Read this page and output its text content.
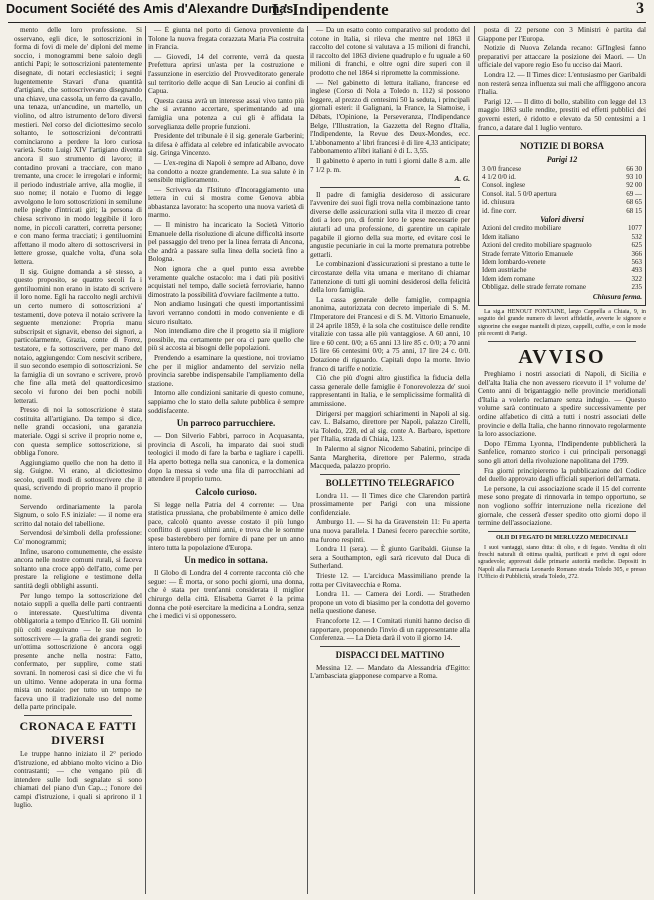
Document Société des Amis d'Alexandre Dumas
L' Indipendente	3

mento delle loro professione. Si osservano, egli dice, le sottoscrizioni in forma di fovi di mele de' diploni del meme soccio, i monogrammi bene saloio degli antichi Papi; le sottoscrizioni patentemente disegnate, di notari ecclesiastici; i segni lugentemente Stavari d'una quantità d'artigiani, che sottoscrivevano disegnando una chiave, una cassola, un ferro da cavallo, una tenaza, un'ancudine, un martello, un violino, od altro istrumento de'loro diversi mestieri. Nel corso del diciottesimo secolo soltanto, le sottoscrizioni de'contratti cominciarono a perdere la loro curiosa varietà. Sotto Luigi XIV l'artigiano diventa ancora il suo strumento di lavoro; il contadino provani a tracciare, con mano tremante, una croce: le irregolari e informi; il periodo industriale arrive, alla moglie, il suo nome; il notaio e l'uomo di legge avvolgono le loro sottoscrizioni in semilune nelle pieghe d'intricati giri; la persona di chiesa scrivono in modo leggibile il loro nome, in piccoli caratteri, corretta persone; e con mano ferma tracciati; i gentiluomini affettano il modo altero di sottoscriversi in lettere grosse, qualche volta, d'una sola lettera.

Il sig. Guigne domanda a sè stesso, a questo proposito, se quattro secoli fa i gentiluomini non erano in istato di scrivere il loro nome. Egli ha raccolto negli archivii un certo numero di sottoscrizioni a' testamenti, dove poteva il notaio scrivere la seguente menzione: Propria manu subscripsit et signavit, ebenso dei signori, a particolarmente, Grazia, conte di Forez, testatore, e fa sottoscrivere, per mano del notaio, aggiungendo: Com nescivit scribere, il suo secondo esempio di sottoscrizioni. Se la famiglia di un sovrano e scrivere, provò che fine alla metà del quattordicesimo secolo vi furono dei ben pochi nobili letterati.

Presso di noi la sottoscrizione è stata costituita all'artigiano. Da tempo si dice, nelle grandi occasioni, una garanzia materiale. Oggi si scrive il proprio nome e, con questa semplice sottoscrizione, si obbliga l'onore.

Aggiungiamo quello che non ha detto il sig. Guigne. Vi erano, al diciottesimo secolo, quelli modi di sottoscrivere che il quasi, scrivendo di proprio mano il proprio nome.

Servendo ordinariamente la parola Signum, o solo F.S iniziale: — il nome era scritto dal notaio del tabellione.

Servendosi de'simboli della professione: Co' monogrammi;

Infine, usarono comunemente, che essiste ancora nelle nostre comuni rurali, si faceva soltanto una croce appò dell'atto, come per prestare la religione e testimone della santità degli obblighi assunti.

Per lungo tempo la sottoscrizione del notaio supplì a quella delle parti contraenti o interessate. Quest'ultima diventa obbligatoria a tempo d'Enrico II. Gli uomini più colti eseguivano — le sue non lo sottoscrivere — la grafia dei grandi segreti: un'ottima sottoscrizione è ancora oggi presente anche nella nostra: Fatto, confermato, per supplire, come stati sovrani. In nomerosi casi si dice che vi fu un ultimo. Venne adoperata in una forma mista un notaio: per tutto un tempo ne faceva uno il tradizionale uso del nome della parte principale.

CRONACA E FATTI DIVERSI

Le truppe hanno iniziato il 2° periodo d'istruzione, ed abbiano molto vicino a Dio contrastanti; — che vengano più di intendere sulle lodi segnalate si sono chiamati del piano d'un Cap...; l'onore dei campi d'istruzione, i quali si aprirono il 1 luglio.

— È giunta nel porto di Genova proveniente da Tolone la nuova fregata corazzata Maria Pia costruita in Francia.

— Giovedì, 14 del corrente, verrà da questa Prefettura aprirsi un'asta per la costruzione e l'assunzione in esercizio del Provveditorato generale sul territorio delle acque di San Leucio ai confini di Capua.

Questa causa avrà un interesse assai vivo tanto più che si avranno accertare, sperimentando ad una famiglia una potenza a cui gli è affidata la sorveglianza delle proprie funzioni.

Presidente del tribunale è il sig. generale Garberini; la difesa è affidata al celebre ed infaticabile avvocato sig. Gringa Vincenzo.

— L'ex-regina di Napoli è sempre ad Albano, dove ha condotto a nozze grandemente. La sua salute è in sensibile miglioramento.

— Scriveva da l'Istituto d'Incoraggiamento una lettera in cui si mostra come Genova abbia abbastanza lavorato: ha scoperto una nuova varietà di marmo.

— Il ministro ha incaricato la Società Vittorio Emanuele della risoluzione di alcune difficoltà insorte pel passaggio del treno per la linea ferrata di Ancona, che andrà a passare sulla linea della società fino a Bologna.

Non ignora che a quel punto essa avrebbe veramente qualche ostacolo: ma i dati più positivi acquistati nel tempo, dalle società ferroviarie, hanno dimostrato la possibilità d'ovviare facilmente a tutto.

Non andiamo lusingati che questi importantissimi lavori verranno condotti in modo conveniente e di sicuro risultato.

Non intendiamo dire che il progetto sia il migliore possibile, ma certamente per ora ci pare quello che più si accosta ai bisogni delle popolazioni.

Prendendo a esaminare la questione, noi troviamo che per il miglior andamento del servizio nella provincia sarebbe indispensabile l'ampliamento della stazione.

Intorno alle condizioni sanitarie di questo comune, sappiamo che lo stato della salute pubblica è sempre soddisfacente.

Un parroco parrucchiere.

— Don Silverio Fabbri, parroco in Acquasanta, provincia di Ascoli, ha imparato dai suoi studi teologici il modo di fare la barba e tagliare i capelli. Ha aperto bottega nella sua canonica, e la domenica dopo la messa si vede una fila di parrocchiani ad attendere il proprio turno.

Calcolo curioso.

Si legge nella Patria del 4 corrente: — Una statistica prussiana, che probabilmente è amico delle pace, calcolò quanto avesse costato il più lungo conflitto di questi ultimi anni, e trova che le somme spese basterebbero per fornire di pane per un anno intero tutta la popolazione d'Europa.

Un medico in sottana.

Il Globo di Londra del 4 corrente racconta ciò che segue: — È morta, or sono pochi giorni, una donna, che è stata per trent'anni considerata il miglior chirurgo della città. Elisabetta Garret è la prima donna che potè esercitare la medicina a Londra, senza che i medici vi si opponessero.

— Da un esatto conto comparativo sul prodotto del cotone in Italia, si rileva che mentre nel 1863 il raccolto del cotone si valutava a 15 milioni di franchi, il raccolto del 1863 diviene quadruplo e fu uguale a 60 milioni di franchi, e oltre ogni dire superi con il prodotto che nel 1864 si ripromette la commissione.

— Nel gabinetto di lettura italiano, francese ed inglese (Corso di Nola a Toledo n. 112) si possono leggere, al prezzo di centesimi 50 la seduta, i principali giornali esteri: il Galignani, la France, la Siamoise, i Débats, l'Opinione, la Perseveranza, l'Indipendance Belge, l'Illustration, la Gazzetta del Regno d'Italia, l'Indipendente, la Revue des Deux-Mondes, ecc. L'abbonamento a' libri francesi è di lire 4,33 anticipate; l'abbonamento a'libri italiani è di L. 3,55.

Il gabinetto è aperto in tutti i giorni dalle 8 a.m. alle 7 1/2 p. m.

A. G.

Il padre di famiglia desideroso di assicurare l'avvenire dei suoi figli trova nella combinazione tanto diverse delle assicurazioni sulla vita il mezzo di crear doti a loro pro, di fornir loro le spese necessarie per aiutarli ad una professione, di garentire un capitale pagabile il giorno della sua morte, ed evitare così le angustie pecuniarie in cui la morte prematura potrebbe gettarli.

Le combinazioni d'assicurazioni si prestano a tutte le circostanze della vita umana e meritano di chiamar l'attenzione di tutti gli uomini desiderosi della felicità della loro famiglia.

La cassa generale delle famiglie, compagnia anonima, autorizzata con decreto imperiale di S. M. l'Imperatore dei Francesi e di S. M. Vittorio Emanuele, il 24 aprile 1859, è la sola che costituisce delle rendite vitalizie con tassa alle più vantaggiose. A 60 anni, 10 lire e 60 cent. 0/0; a 65 anni 13 lire 85 c. 0/0; a 70 anni 15 lire 66 centesimi 0/0; a 75 anni, 17 lire 24 c. 0/0. Dotazione di riguardo. Capitali dopo la morte. Invio franco di tariffe e notizie.

Ciò che più d'ogni altro giustifica la fiducia della cassa generale delle famiglie è l'onorevolezza de' suoi rappresentanti in Italia, e le semplicissime formalità di ammissione.

Dirigersi per maggiori schiarimenti in Napoli al sig. cav. L. Balsamo, direttore per Napoli, palazzo Cirelli, via Toledo, 228, ed al sig. conte A. Barbaro, ispettore per l'Italia, strada di Chiaia, 123.

In Palermo al signor Nicodemo Sabatini, principe di Santa Margherita, direttore per Palermo, strada Macqueda, palazzo proprio.

BOLLETTINO TELEGRAFICO

Londra 11. — Il Times dice che Clarendon partirà prossimamente per Parigi con una missione confidenziale.

Amburgo 11. — Si ha da Gravenstein 11: Fu aperta una nuova parallela. I Danesi fecero parecchie sortite, ma furono respinti.

Londra 11 (sera). — È giunto Garibaldi. Giunse la sera a Southampton, egli sarà ricevuto dal Duca di Sutherland.

Trieste 12. — L'arciduca Massimiliano prende la rotta per Civitavecchia e Roma.

Londra 11. — Camera dei Lordi. — Stratheden propone un voto di biasimo per la condotta del governo nella questione danese.

Francoforte 12. — I Comitati riuniti hanno deciso di rapportare, proponendo l'invio di un rappresentante alla Conferenza. — La Dieta darà il voto il giorno 14.

DISPACCI DEL MATTINO

Messina 12. — Mandato da Alessandria d'Egitto: L'ambasciata giapponese comparve a Roma.

posta di 22 persone con 3 Ministri è partita dal Giappone per l'Europa.

Notizie di Nuova Zelanda recano: Gl'Inglesi fanno preparativi per attaccare la posizione dei Maori. — Un ufficiale del vapore regio Eso fu ucciso dai Maori.

Londra 12. — Il Times dice: L'entusiasmo per Garibaldi non resterà senza influenza sui mali che affliggono ancora l'Italia.

Parigi 12. — Il ditto di bollo, stabilito con legge del 13 maggio 1863 sulle rendite, prestiti ed effetti pubblici dei governi esteri, è ridotto e elevato da 50 centesimi a 1 franco, a datare dal 1 luglio venturo.

NOTIZIE DI BORSA
Parigi 12	
3 0/0 francese	66 30
4 1/2 0/0 id.	93 10
Consol. inglese	92 00
Consol. ital. 5 0/0 apertura	69 —
id. chiusura	68 65
id. fine corr.	68 15
Valori diversi	
Azioni del credito mobiliare	1077
Idem italiano	532
Azioni del credito mobiliare spagnuolo	625
Strade ferrate Vittorio Emanuele	366
Idem lombardo-venete	563
Idem austriache	493
Idem idem romane	322
Obbligaz. delle strade ferrate romane	235
Chiusura ferma.

La sig.a HENOUT FONTAINE, largo Cappella a Chiaia, 9, in seguito del grande numero di lavori affidatile, avverte le signore e signorine che esegue mantelli di pizzo, cappelli, cuffie, e con le mode più recenti di Parigi.

AVVISO

Preghiamo i nostri associati di Napoli, di Sicilia e dell'alta Italia che non avessero ricevuto il 1° volume de' Cento anni di brigantaggio nelle provincie meridionali d'Italia a volerlo reclamare senza indugio. — Questo volume sarà continuato a spedire successivamente per ordine alfabetico di città a tutti i nostri associati delle provincie e della Italia, che hanno rinnovato regolarmente la loro associazione.

Dopo l'Emma Lyonna, l'Indipendente pubblicherà la Sanfelice, romanzo storico i cui principali personaggi sono gli attori della rivoluzione napolitana del 1799.

Fra giorni principieremo la pubblicazione del Codice del duello approvato dagli ufficiali superiori dell'armata.

Le persone, la cui associazione scade il 15 del corrente mese sono pregate di rinnovarla in tempo opportuno, se non vogliono soffrir interruzione nella ricezione del giornale, che cesserà d'esser spedito otto giorni dopo il termine dell'associazione.

OLII DI FEGATO DI MERLUZZO MEDICINALI

I suoi vantaggi, siano ditta: di olio, e di fegato. Vendita di olii freschi naturali di ottima qualità, purificati e privi di ogni odore sgradevole; approvati dalle primarie autorità mediche. Depositi in Napoli alla Farmacia Leonardo Romano strada Toledo 305, e presso l'Ufficio di Pubblicità, strada Toledo, 272.
